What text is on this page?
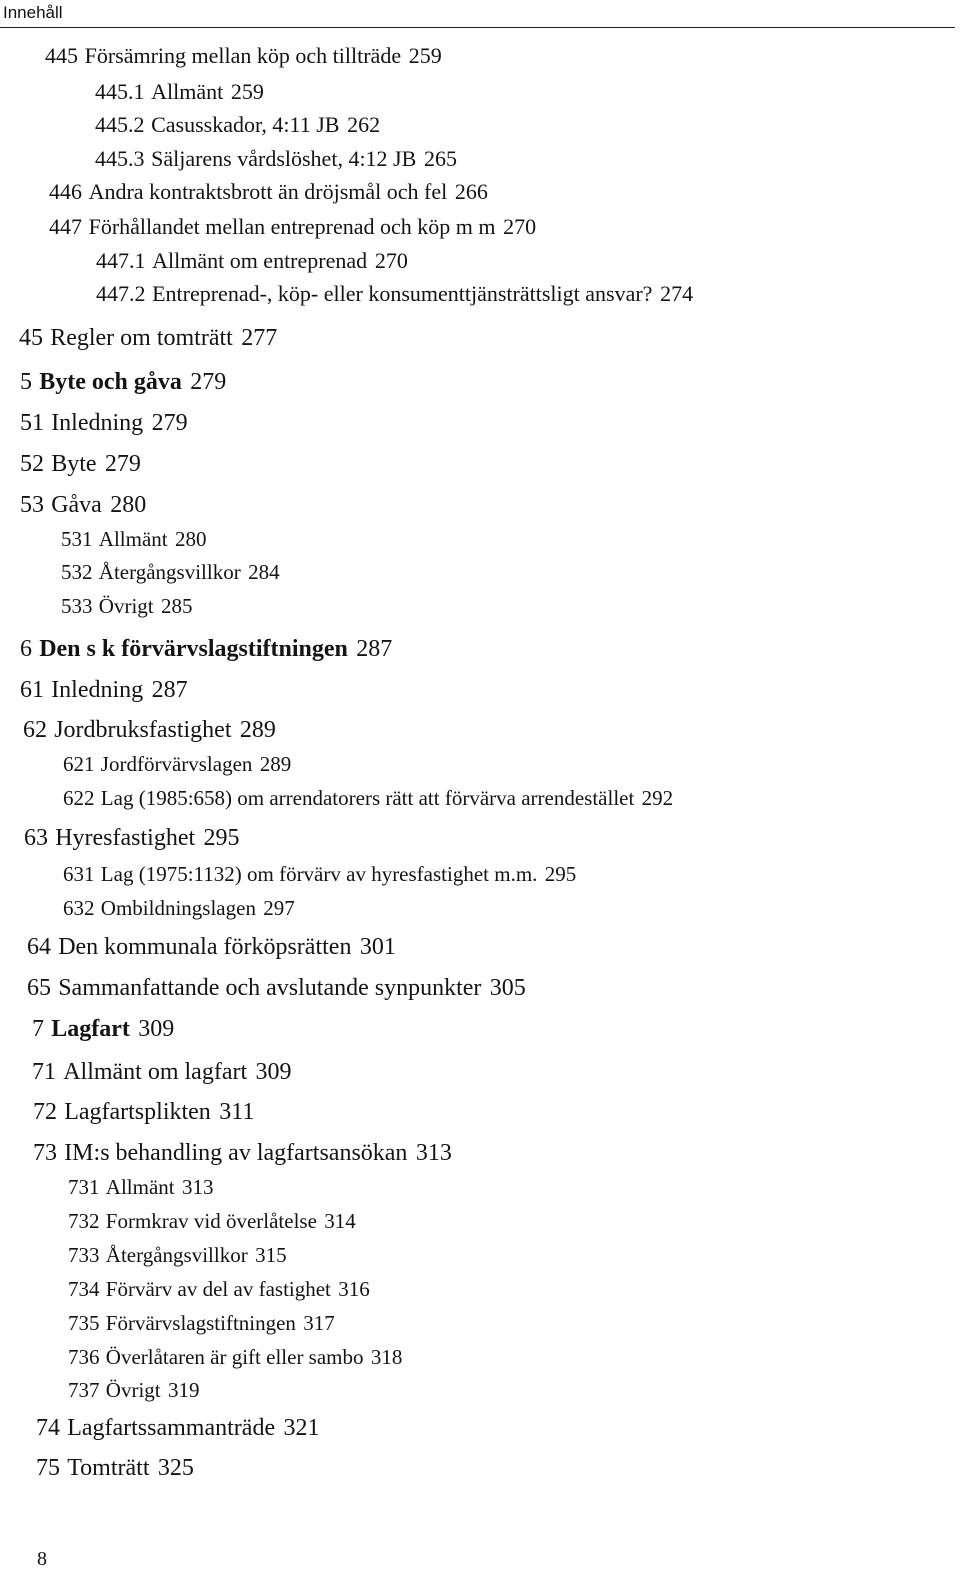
Innehåll
445 Försämring mellan köp och tillträde 259
445.1 Allmänt 259
445.2 Casusskador, 4:11 JB 262
445.3 Säljarens vårdslöshet, 4:12 JB 265
446 Andra kontraktsbrott än dröjsmål och fel 266
447 Förhållandet mellan entreprenad och köp m m 270
447.1 Allmänt om entreprenad 270
447.2 Entreprenad-, köp- eller konsumenttjänsträttsligt ansvar? 274
45 Regler om tomträtt 277
5 Byte och gåva 279
51 Inledning 279
52 Byte 279
53 Gåva 280
531 Allmänt 280
532 Återgångsvillkor 284
533 Övrigt 285
6 Den s k förvärvslagstiftningen 287
61 Inledning 287
62 Jordbruksfastighet 289
621 Jordförvärvslagen 289
622 Lag (1985:658) om arrendatorers rätt att förvärva arrendestället 292
63 Hyresfastighet 295
631 Lag (1975:1132) om förvärv av hyresfastighet m.m. 295
632 Ombildningslagen 297
64 Den kommunala förköpsrätten 301
65 Sammanfattande och avslutande synpunkter 305
7 Lagfart 309
71 Allmänt om lagfart 309
72 Lagfartsplikten 311
73 IM:s behandling av lagfartsansökan 313
731 Allmänt 313
732 Formkrav vid överlåtelse 314
733 Återgångsvillkor 315
734 Förvärv av del av fastighet 316
735 Förvärvslagstiftningen 317
736 Överlåtaren är gift eller sambo 318
737 Övrigt 319
74 Lagfartssammanträde 321
75 Tomträtt 325
8
